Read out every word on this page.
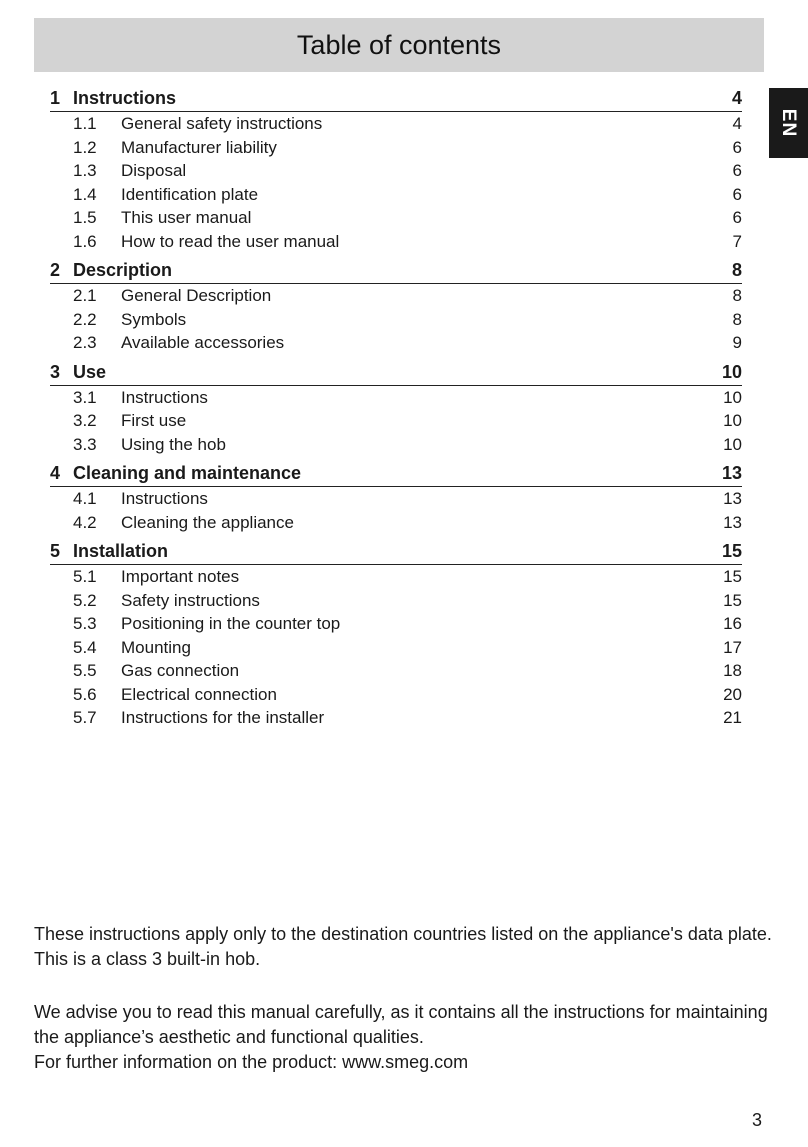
Table of contents
EN
1 Instructions	4
1.1	General safety instructions	4
1.2	Manufacturer liability	6
1.3	Disposal	6
1.4	Identification plate	6
1.5	This user manual	6
1.6	How to read the user manual	7
2 Description	8
2.1	General Description	8
2.2	Symbols	8
2.3	Available accessories	9
3 Use	10
3.1	Instructions	10
3.2	First use	10
3.3	Using the hob	10
4 Cleaning and maintenance	13
4.1	Instructions	13
4.2	Cleaning the appliance	13
5 Installation	15
5.1	Important notes	15
5.2	Safety instructions	15
5.3	Positioning in the counter top	16
5.4	Mounting	17
5.5	Gas connection	18
5.6	Electrical connection	20
5.7	Instructions for the installer	21

These instructions apply only to the destination countries listed on the appliance's data plate.

This is a class 3 built-in hob.

We advise you to read this manual carefully, as it contains all the instructions for maintaining the appliance’s aesthetic and functional qualities.

For further information on the product: www.smeg.com

3
